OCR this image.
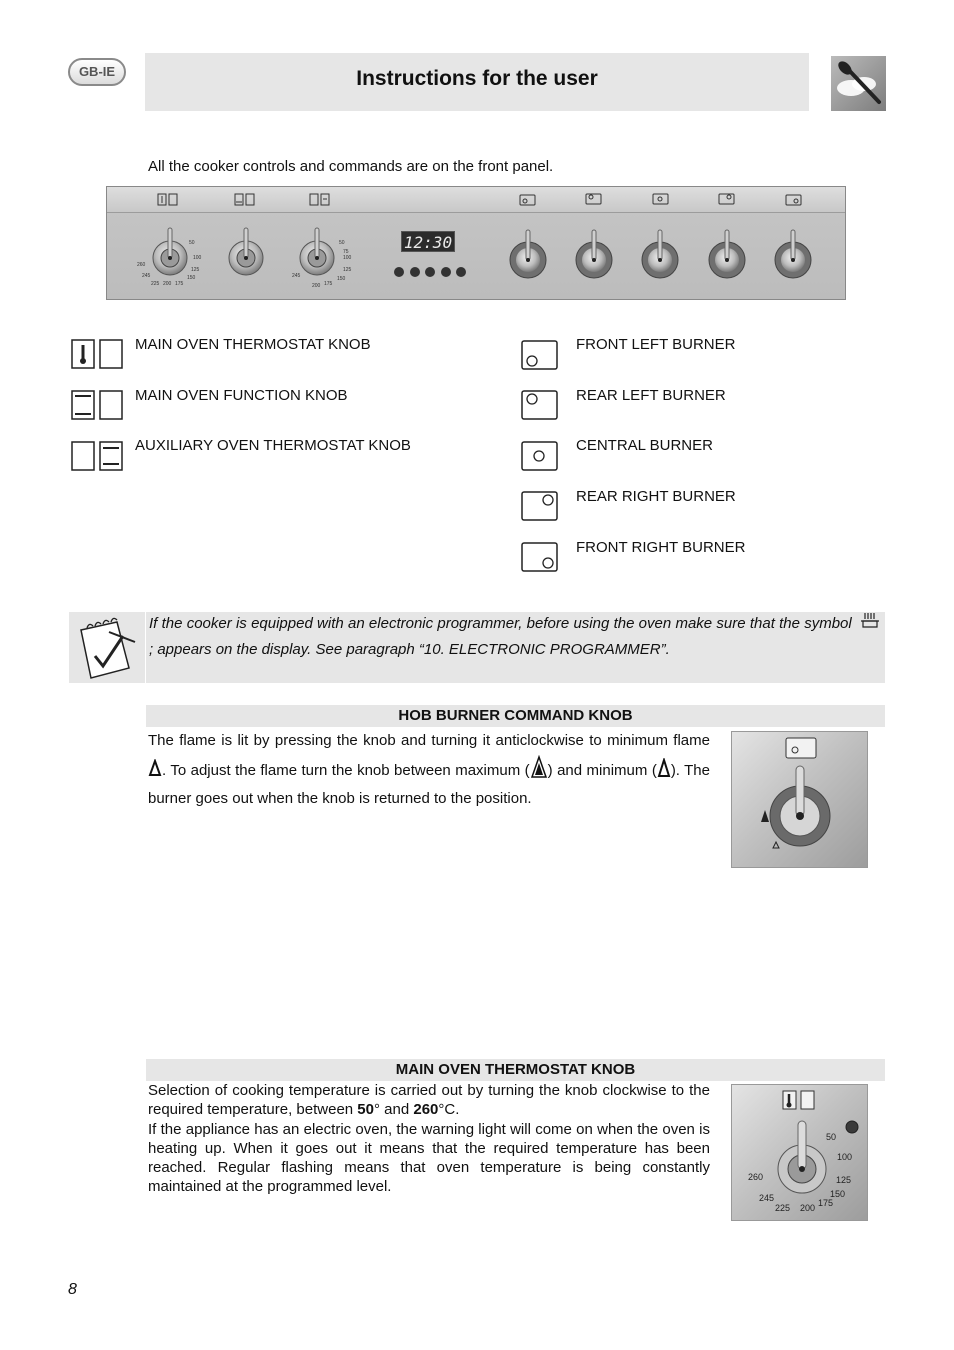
GB-IE	Instructions for the user
All the cooker controls and commands are on the front panel.
50
100
125
150
175
200
225
245
260
50
75
100
125
150
175
200
245
12:30
MAIN OVEN THERMOSTAT KNOB
MAIN OVEN FUNCTION KNOB
AUXILIARY OVEN THERMOSTAT KNOB
FRONT LEFT BURNER
REAR LEFT BURNER
CENTRAL BURNER
REAR RIGHT BURNER
FRONT RIGHT BURNER
If the cooker is equipped with an electronic programmer, before using the oven make sure that the symbol  ; appears on the display. See paragraph “10. ELECTRONIC PROGRAMMER”.
HOB BURNER COMMAND KNOB
The flame is lit by pressing the knob and turning it anticlockwise to minimum flame . To adjust the flame turn the knob between maximum ( ) and minimum ( ). The burner goes out when the knob is returned to the position.
MAIN OVEN THERMOSTAT KNOB
Selection of cooking temperature is carried out by turning the knob clockwise to the required temperature, between 50° and 260°C.
If the appliance has an electric oven, the warning light will come on when the oven is heating up. When it goes out it means that the required temperature has been reached. Regular flashing means that oven temperature is being constantly maintained at the programmed level.
50
100
125
150
175
200
225
245
260
8
